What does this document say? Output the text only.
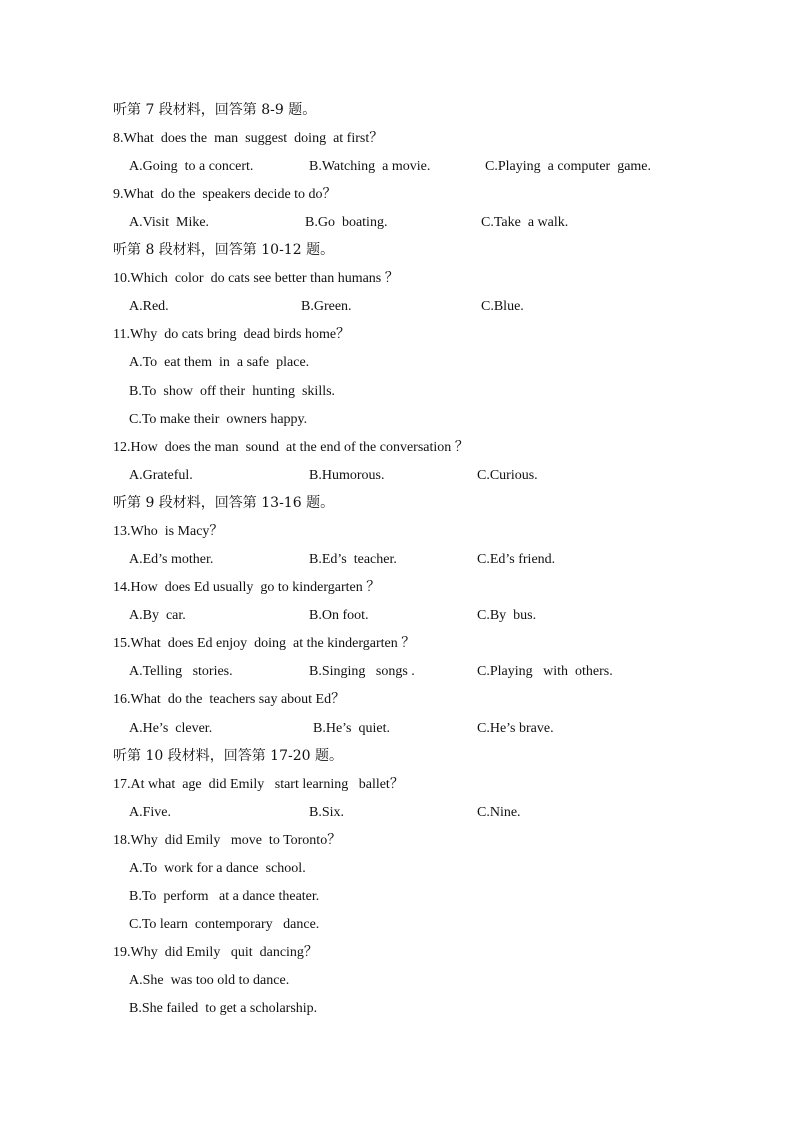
听第 7 段材料，回答第 8-9 题。
8.What  does the  man  suggest  doing  at first？
A.Going  to a concert.	B.Watching  a movie.	C.Playing  a computer  game.
9.What  do the  speakers decide to do？
A.Visit  Mike.	B.Go  boating.	C.Take  a walk.
听第 8 段材料，回答第 10-12 题。
10.Which  color  do cats see better than humans ？
A.Red.	B.Green.	C.Blue.
11.Why  do cats bring  dead birds home？
A.To  eat them  in  a safe  place.
B.To  show  off their  hunting  skills.
C.To make their  owners happy.
12.How  does the man  sound  at the end of the conversation ？
A.Grateful.	B.Humorous.	C.Curious.
听第 9 段材料，回答第 13-16 题。
13.Who  is Macy？
A.Ed’s mother.	B.Ed’s  teacher.	C.Ed’s friend.
14.How  does Ed usually  go to kindergarten ？
A.By  car.	B.On foot.	C.By  bus.
15.What  does Ed enjoy  doing  at the kindergarten ？
A.Telling   stories.	B.Singing   songs .	C.Playing   with  others.
16.What  do the  teachers say about Ed？
A.He’s  clever.	B.He’s  quiet.	C.He’s brave.
听第 10 段材料，回答第 17-20 题。
17.At what  age  did Emily   start learning   ballet？
A.Five.	B.Six.	C.Nine.
18.Why  did Emily   move  to Toronto？
A.To  work for a dance  school.
B.To  perform   at a dance theater.
C.To learn  contemporary   dance.
19.Why  did Emily   quit  dancing？
A.She  was too old to dance.
B.She failed  to get a scholarship.
